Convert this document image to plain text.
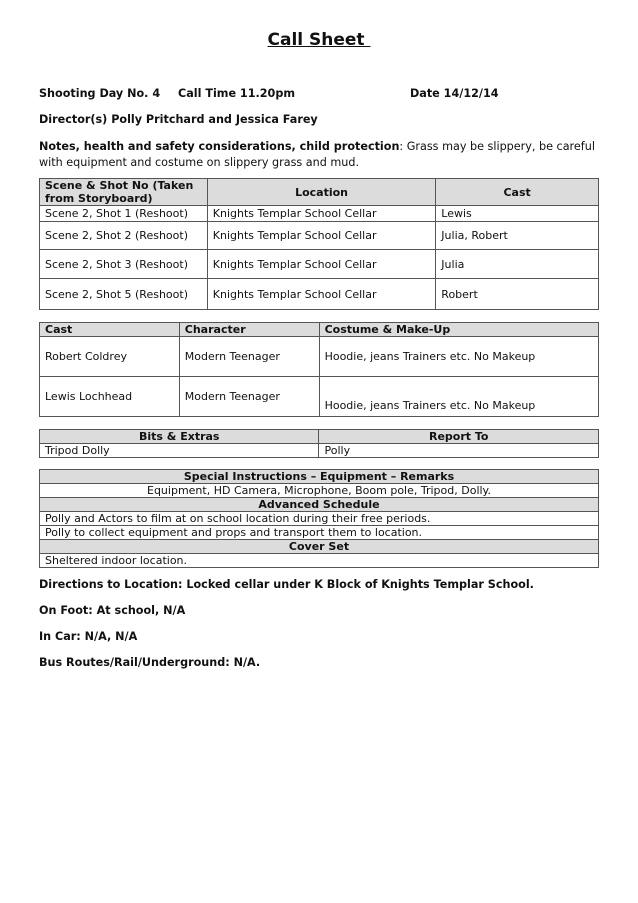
Call Sheet
Shooting Day No. 4 Call Time 11.20pm	Date 14/12/14
Director(s) Polly Pritchard and Jessica Farey
Notes, health and safety considerations, child protection: Grass may be slippery, be careful with equipment and costume on slippery grass and mud.
Scene & Shot No (Taken from Storyboard)	Location	Cast
Scene 2, Shot 1 (Reshoot)	Knights Templar School Cellar	Lewis
Scene 2, Shot 2 (Reshoot)	Knights Templar School Cellar	Julia, Robert
Scene 2, Shot 3 (Reshoot)	Knights Templar School Cellar	Julia
Scene 2, Shot 5 (Reshoot)	Knights Templar School Cellar	Robert
Cast	Character	Costume & Make-Up
Robert Coldrey	Modern Teenager	Hoodie, jeans Trainers etc. No Makeup
Lewis Lochhead	Modern Teenager	Hoodie, jeans Trainers etc. No Makeup
Bits & Extras	Report To
Tripod Dolly	Polly
Special Instructions – Equipment – Remarks
Equipment, HD Camera, Microphone, Boom pole, Tripod, Dolly.
Advanced Schedule
Polly and Actors to film at on school location during their free periods.
Polly to collect equipment and props and transport them to location.
Cover Set
Sheltered indoor location.
Directions to Location: Locked cellar under K Block of Knights Templar School.
On Foot: At school, N/A
In Car: N/A, N/A
Bus Routes/Rail/Underground: N/A.
